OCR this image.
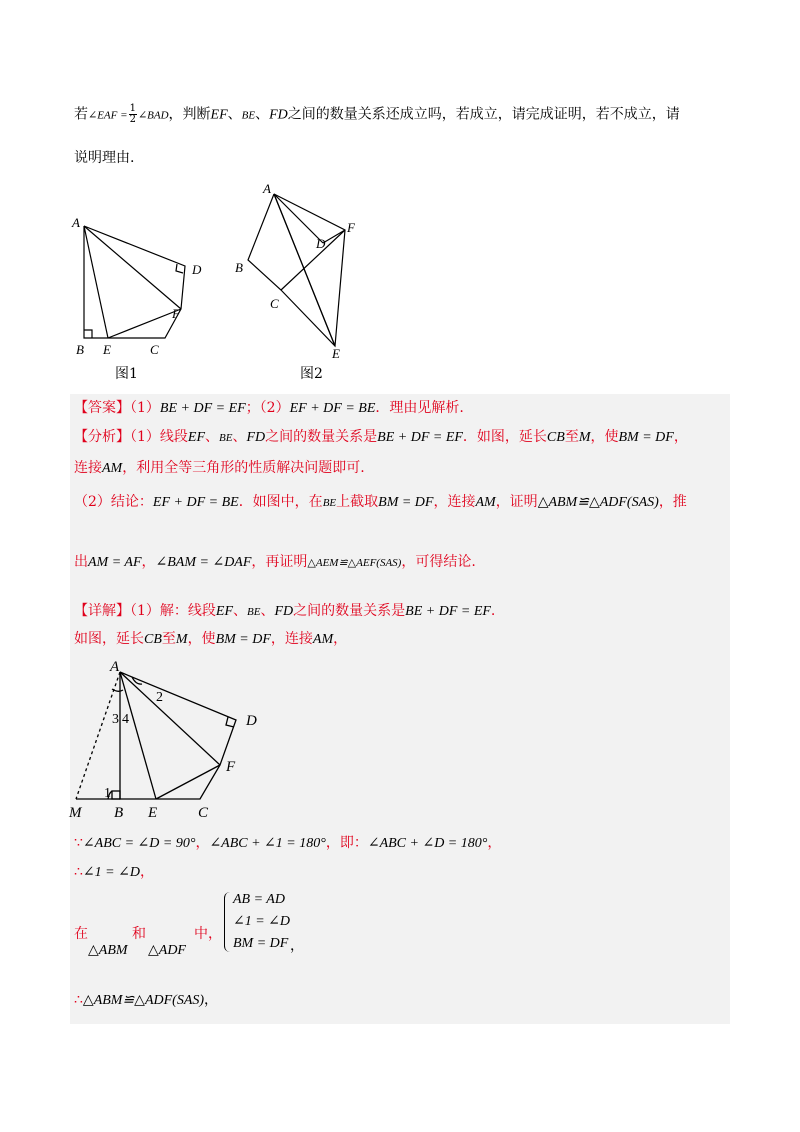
若∠EAF = $\frac{1}{2}$ ∠BAD，判断EF、BE、FD之间的数量关系还成立吗，若成立，请完成证明，若不成立，请
说明理由.
A
B E	C
D
F
图1
A
B
C
D
F
E
图2
【答案】（1）BE + DF = EF；（2）EF + DF = BE．理由见解析.
【分析】（1）线段EF、BE、FD之间的数量关系是BE + DF = EF．如图，延长CB至M，使BM = DF，
连接AM，利用全等三角形的性质解决问题即可.
（2）结论：EF + DF = BE．如图中，在BE上截取BM = DF，连接AM，证明△ABM≌△ADF(SAS)，推
出AM = AF，∠BAM = ∠DAF，再证明△AEM≌△AEF(SAS)，可得结论.
【详解】（1）解：线段EF、BE、FD之间的数量关系是BE + DF = EF.
如图，延长CB至M，使BM = DF，连接AM，
A
M B E	C
D
F
1
2
3 4
∵∠ABC = ∠D = 90°，∠ABC + ∠1 = 180°，即：∠ABC + ∠D = 180°，
∴∠1 = ∠D，
在
△ABM
和
△ADF
中，
AB = AD
∠1 = ∠D
BM = DF ，
∴△ABM≌△ADF(SAS)，
